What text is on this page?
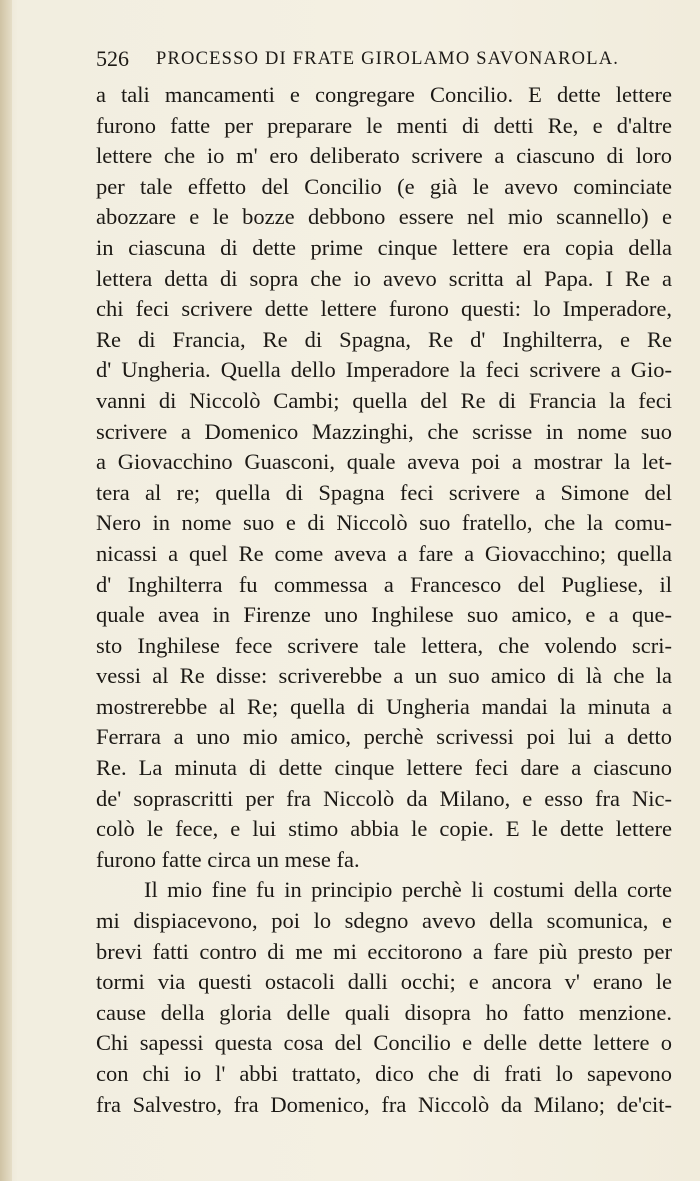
526 PROCESSO DI FRATE GIROLAMO SAVONAROLA.
a tali mancamenti e congregare Concilio. E dette lettere
furono fatte per preparare le menti di detti Re, e d'altre
lettere che io m' ero deliberato scrivere a ciascuno di loro
per tale effetto del Concilio (e già le avevo cominciate
abozzare e le bozze debbono essere nel mio scannello) e
in ciascuna di dette prime cinque lettere era copia della
lettera detta di sopra che io avevo scritta al Papa. I Re a
chi feci scrivere dette lettere furono questi: lo Imperadore,
Re di Francia, Re di Spagna, Re d' Inghilterra, e Re
d' Ungheria. Quella dello Imperadore la feci scrivere a Gio-
vanni di Niccolò Cambi; quella del Re di Francia la feci
scrivere a Domenico Mazzinghi, che scrisse in nome suo
a Giovacchino Guasconi, quale aveva poi a mostrar la let-
tera al re; quella di Spagna feci scrivere a Simone del
Nero in nome suo e di Niccolò suo fratello, che la comu-
nicassi a quel Re come aveva a fare a Giovacchino; quella
d' Inghilterra fu commessa a Francesco del Pugliese, il
quale avea in Firenze uno Inghilese suo amico, e a que-
sto Inghilese fece scrivere tale lettera, che volendo scri-
vessi al Re disse: scriverebbe a un suo amico di là che la
mostrerebbe al Re; quella di Ungheria mandai la minuta a
Ferrara a uno mio amico, perchè scrivessi poi lui a detto
Re. La minuta di dette cinque lettere feci dare a ciascuno
de' soprascritti per fra Niccolò da Milano, e esso fra Nic-
colò le fece, e lui stimo abbia le copie. E le dette lettere
furono fatte circa un mese fa.
Il mio fine fu in principio perchè li costumi della corte
mi dispiacevono, poi lo sdegno avevo della scomunica, e
brevi fatti contro di me mi eccitorono a fare più presto per
tormi via questi ostacoli dalli occhi; e ancora v' erano le
cause della gloria delle quali disopra ho fatto menzione.
Chi sapessi questa cosa del Concilio e delle dette lettere o
con chi io l' abbi trattato, dico che di frati lo sapevono
fra Salvestro, fra Domenico, fra Niccolò da Milano; de'cit-
